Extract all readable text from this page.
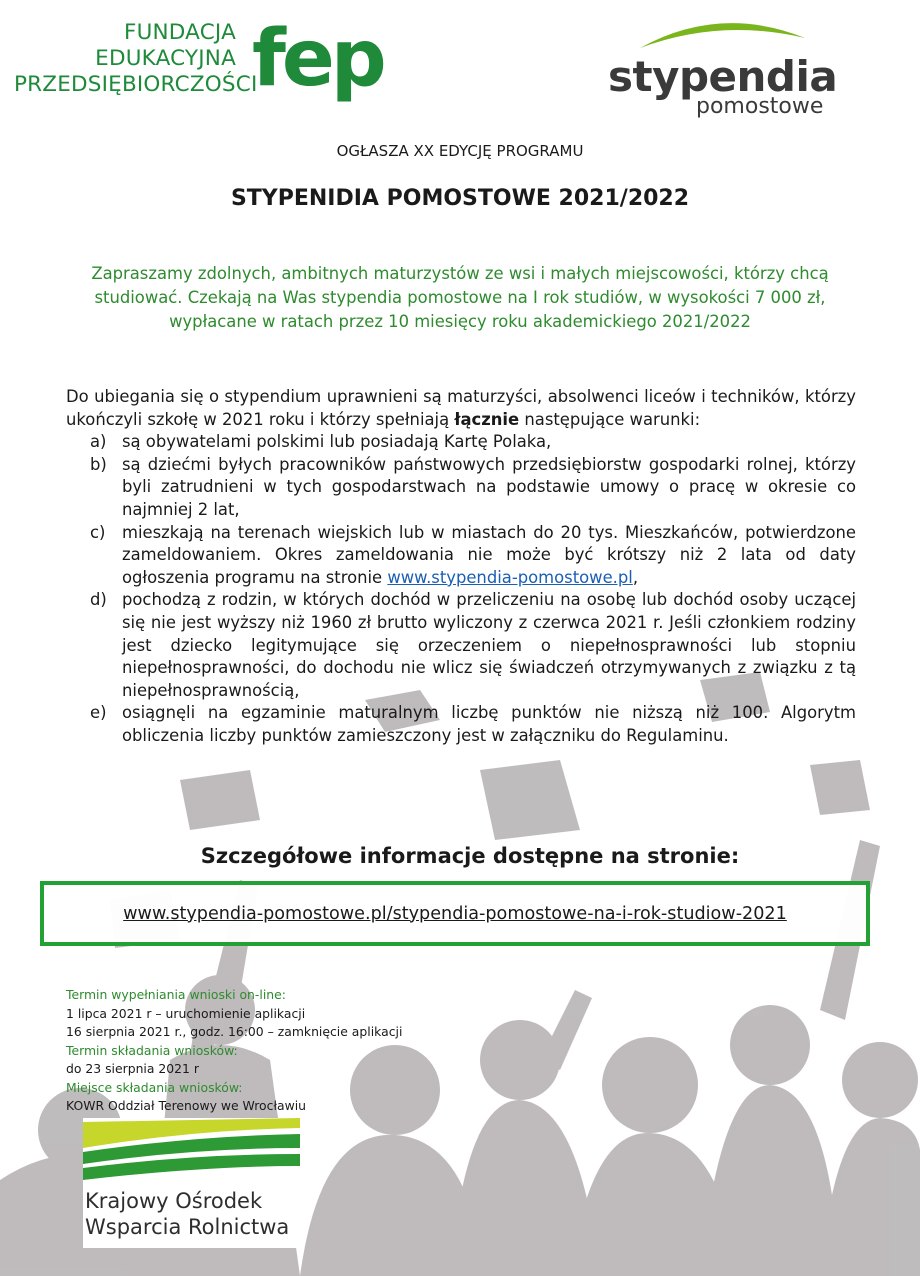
FUNDACJA
EDUKACYJNA
PRZEDSIĘBIORCZOŚCI
fep	stypendia
pomostowe
OGŁASZA XX EDYCJĘ PROGRAMU
STYPENIDIA POMOSTOWE 2021/2022
Zapraszamy zdolnych, ambitnych maturzystów ze wsi i małych miejscowości, którzy chcą studiować. Czekają na Was stypendia pomostowe na I rok studiów, w wysokości 7 000 zł, wypłacane w ratach przez 10 miesięcy roku akademickiego 2021/2022

Do ubiegania się o stypendium uprawnieni są maturzyści, absolwenci liceów i techników, którzy ukończyli szkołę w 2021 roku i którzy spełniają łącznie następujące warunki:

a) są obywatelami polskimi lub posiadają Kartę Polaka,
b) są dziećmi byłych pracowników państwowych przedsiębiorstw gospodarki rolnej, którzy byli zatrudnieni w tych gospodarstwach na podstawie umowy o pracę w okresie co najmniej 2 lat,
c) mieszkają na terenach wiejskich lub w miastach do 20 tys. Mieszkańców, potwierdzone zameldowaniem. Okres zameldowania nie może być krótszy niż 2 lata od daty ogłoszenia programu na stronie www.stypendia-pomostowe.pl,
d) pochodzą z rodzin, w których dochód w przeliczeniu na osobę lub dochód osoby uczącej się nie jest wyższy niż 1960 zł brutto wyliczony z czerwca 2021 r. Jeśli członkiem rodziny jest dziecko legitymujące się orzeczeniem o niepełnosprawności lub stopniu niepełnosprawności, do dochodu nie wlicz się świadczeń otrzymywanych z związku z tą niepełnosprawnością,
e) osiągnęli na egzaminie maturalnym liczbę punktów nie niższą niż 100. Algorytm obliczenia liczby punktów zamieszczony jest w załączniku do Regulaminu.
Szczegółowe informacje dostępne na stronie:
www.stypendia-pomostowe.pl/stypendia-pomostowe-na-i-rok-studiow-2021
Termin wypełniania wnioski on-line:
1 lipca 2021 r – uruchomienie aplikacji
16 sierpnia 2021 r., godz. 16:00 – zamknięcie aplikacji
Termin składania wniosków:
do 23 sierpnia 2021 r
Miejsce składania wniosków:
KOWR Oddział Terenowy we Wrocławiu
Krajowy Ośrodek
Wsparcia Rolnictwa
